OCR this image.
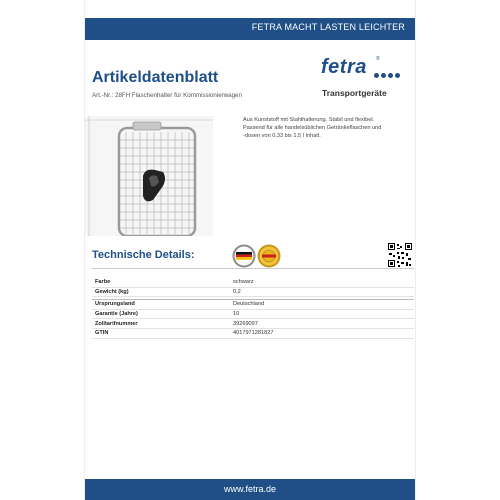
FETRA MACHT LASTEN LEICHTER
Artikeldatenblatt
Art.-Nr.: 28FH Flaschenhalter für Kommissionierwagen
fetra ®
Transportgeräte
Aus Kunststoff mit Stahlhalterung. Stabil und flexibel.
Passend für alle handelsüblichen Getränkeflaschen und
-dosen von 0,33 bis 1,5 l Inhalt.
Technische Details:
Farbe	schwarz
Gewicht (kg)	0,2

Ursprungsland	Deutschland
Garantie (Jahre)	10
Zolltarifnummer	39269097
GTIN	4017971281827
www.fetra.de
